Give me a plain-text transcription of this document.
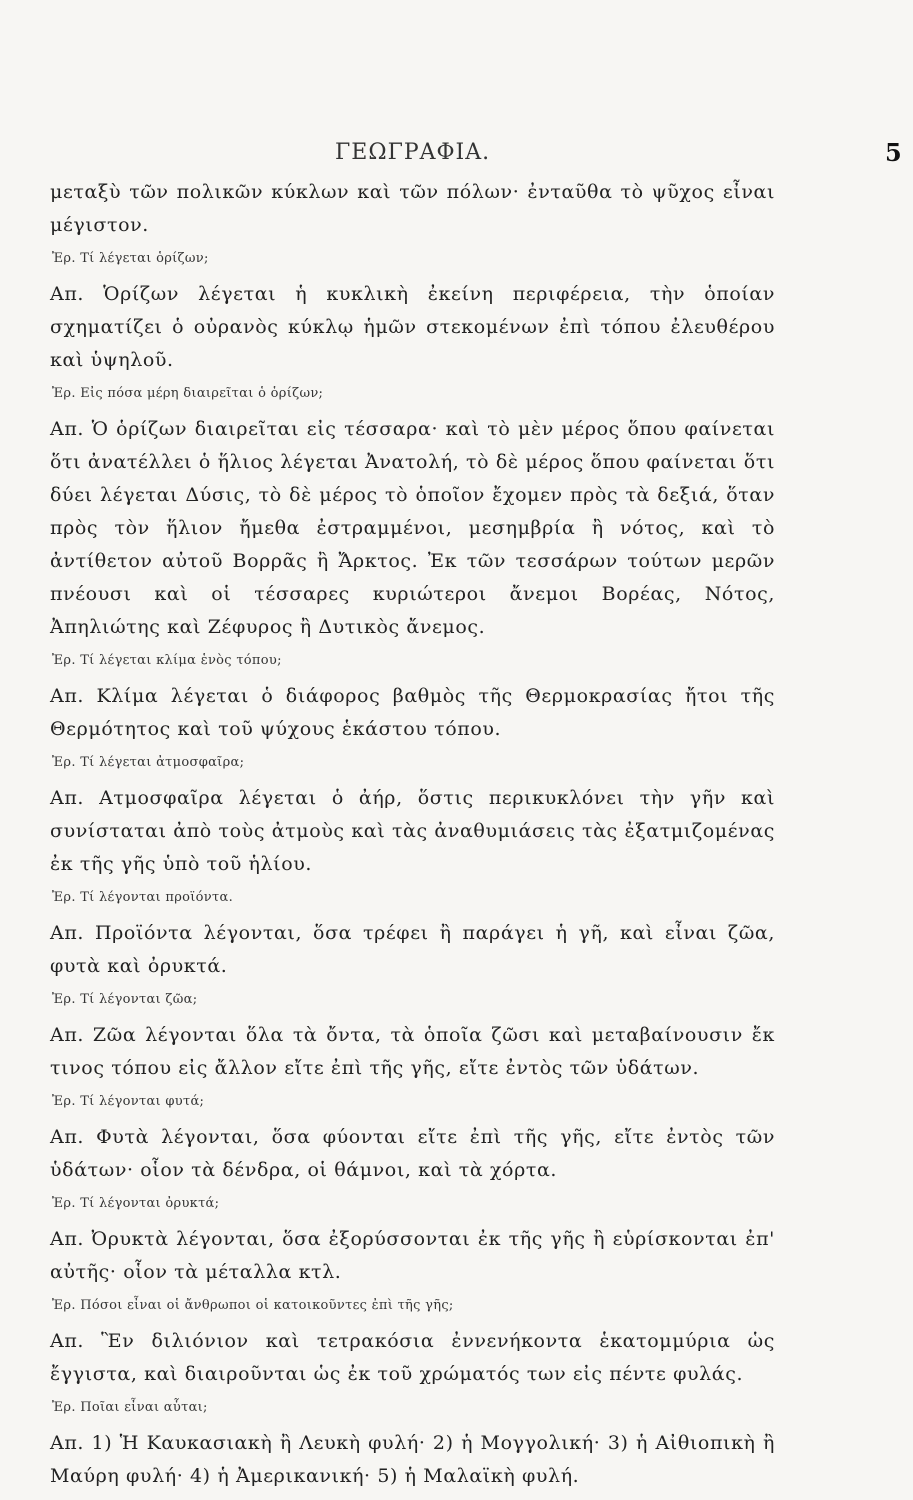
ΓΕΩΓΡΑΦΙΑ.	5

μεταξὺ τῶν πολικῶν κύκλων καὶ τῶν πόλων· ἐνταῦθα τὸ ψῦχος εἶναι μέγιστον.

Ἐρ. Τί λέγεται ὁρίζων;

Απ. Ὁρίζων λέγεται ἡ κυκλικὴ ἐκείνη περιφέρεια, τὴν ὁποίαν σχηματίζει ὁ οὐρανὸς κύκλῳ ἡμῶν στεκομένων ἐπὶ τόπου ἐλευθέρου καὶ ὑψηλοῦ.

Ἐρ. Εἰς πόσα μέρη διαιρεῖται ὁ ὁρίζων;

Απ. Ὁ ὁρίζων διαιρεῖται εἰς τέσσαρα· καὶ τὸ μὲν μέρος ὅπου φαίνεται ὅτι ἀνατέλλει ὁ ἥλιος λέγεται Ἀνατολή, τὸ δὲ μέρος ὅπου φαίνεται ὅτι δύει λέγεται Δύσις, τὸ δὲ μέρος τὸ ὁποῖον ἔχομεν πρὸς τὰ δεξιά, ὅταν πρὸς τὸν ἥλιον ἤμεθα ἐστραμμένοι, μεσημβρία ἢ νότος, καὶ τὸ ἀντίθετον αὐτοῦ Βορρᾶς ἢ Ἄρκτος. Ἐκ τῶν τεσσάρων τούτων μερῶν πνέουσι καὶ οἱ τέσσαρες κυριώτεροι ἄνεμοι Βορέας, Νότος, Ἀπηλιώτης καὶ Ζέφυρος ἢ Δυτικὸς ἄνεμος.

Ἐρ. Τί λέγεται κλίμα ἑνὸς τόπου;

Απ. Κλίμα λέγεται ὁ διάφορος βαθμὸς τῆς Θερμοκρασίας ἤτοι τῆς Θερμότητος καὶ τοῦ ψύχους ἑκάστου τόπου.

Ἐρ. Τί λέγεται ἀτμοσφαῖρα;

Απ. Ατμοσφαῖρα λέγεται ὁ ἀήρ, ὅστις περικυκλόνει τὴν γῆν καὶ συνίσταται ἀπὸ τοὺς ἀτμοὺς καὶ τὰς ἀναθυμιάσεις τὰς ἐξατμιζομένας ἐκ τῆς γῆς ὑπὸ τοῦ ἡλίου.

Ἐρ. Τί λέγονται προϊόντα.

Απ. Προϊόντα λέγονται, ὅσα τρέφει ἢ παράγει ἡ γῆ, καὶ εἶναι ζῶα, φυτὰ καὶ ὀρυκτά.

Ἐρ. Τί λέγονται ζῶα;

Απ. Ζῶα λέγονται ὅλα τὰ ὄντα, τὰ ὁποῖα ζῶσι καὶ μεταβαίνουσιν ἔκ τινος τόπου εἰς ἄλλον εἴτε ἐπὶ τῆς γῆς, εἴτε ἐντὸς τῶν ὑδάτων.

Ἐρ. Τί λέγονται φυτά;

Απ. Φυτὰ λέγονται, ὅσα φύονται εἴτε ἐπὶ τῆς γῆς, εἴτε ἐντὸς τῶν ὑδάτων· οἷον τὰ δένδρα, οἱ θάμνοι, καὶ τὰ χόρτα.

Ἐρ. Τί λέγονται ὀρυκτά;

Απ. Ὀρυκτὰ λέγονται, ὅσα ἐξορύσσονται ἐκ τῆς γῆς ἢ εὑρίσκονται ἐπ' αὐτῆς· οἷον τὰ μέταλλα κτλ.

Ἐρ. Πόσοι εἶναι οἱ ἄνθρωποι οἱ κατοικοῦντες ἐπὶ τῆς γῆς;

Απ. Ἓν διλιόνιον καὶ τετρακόσια ἐννενήκοντα ἑκατομμύρια ὡς ἔγγιστα, καὶ διαιροῦνται ὡς ἐκ τοῦ χρώματός των εἰς πέντε φυλάς.

Ἐρ. Ποῖαι εἶναι αὗται;

Απ. 1) Ἡ Καυκασιακὴ ἢ Λευκὴ φυλή· 2) ἡ Μογγολική· 3) ἡ Αἰθιοπικὴ ἢ Μαύρη φυλή· 4) ἡ Ἀμερικανική· 5) ἡ Μαλαϊκὴ φυλή.
